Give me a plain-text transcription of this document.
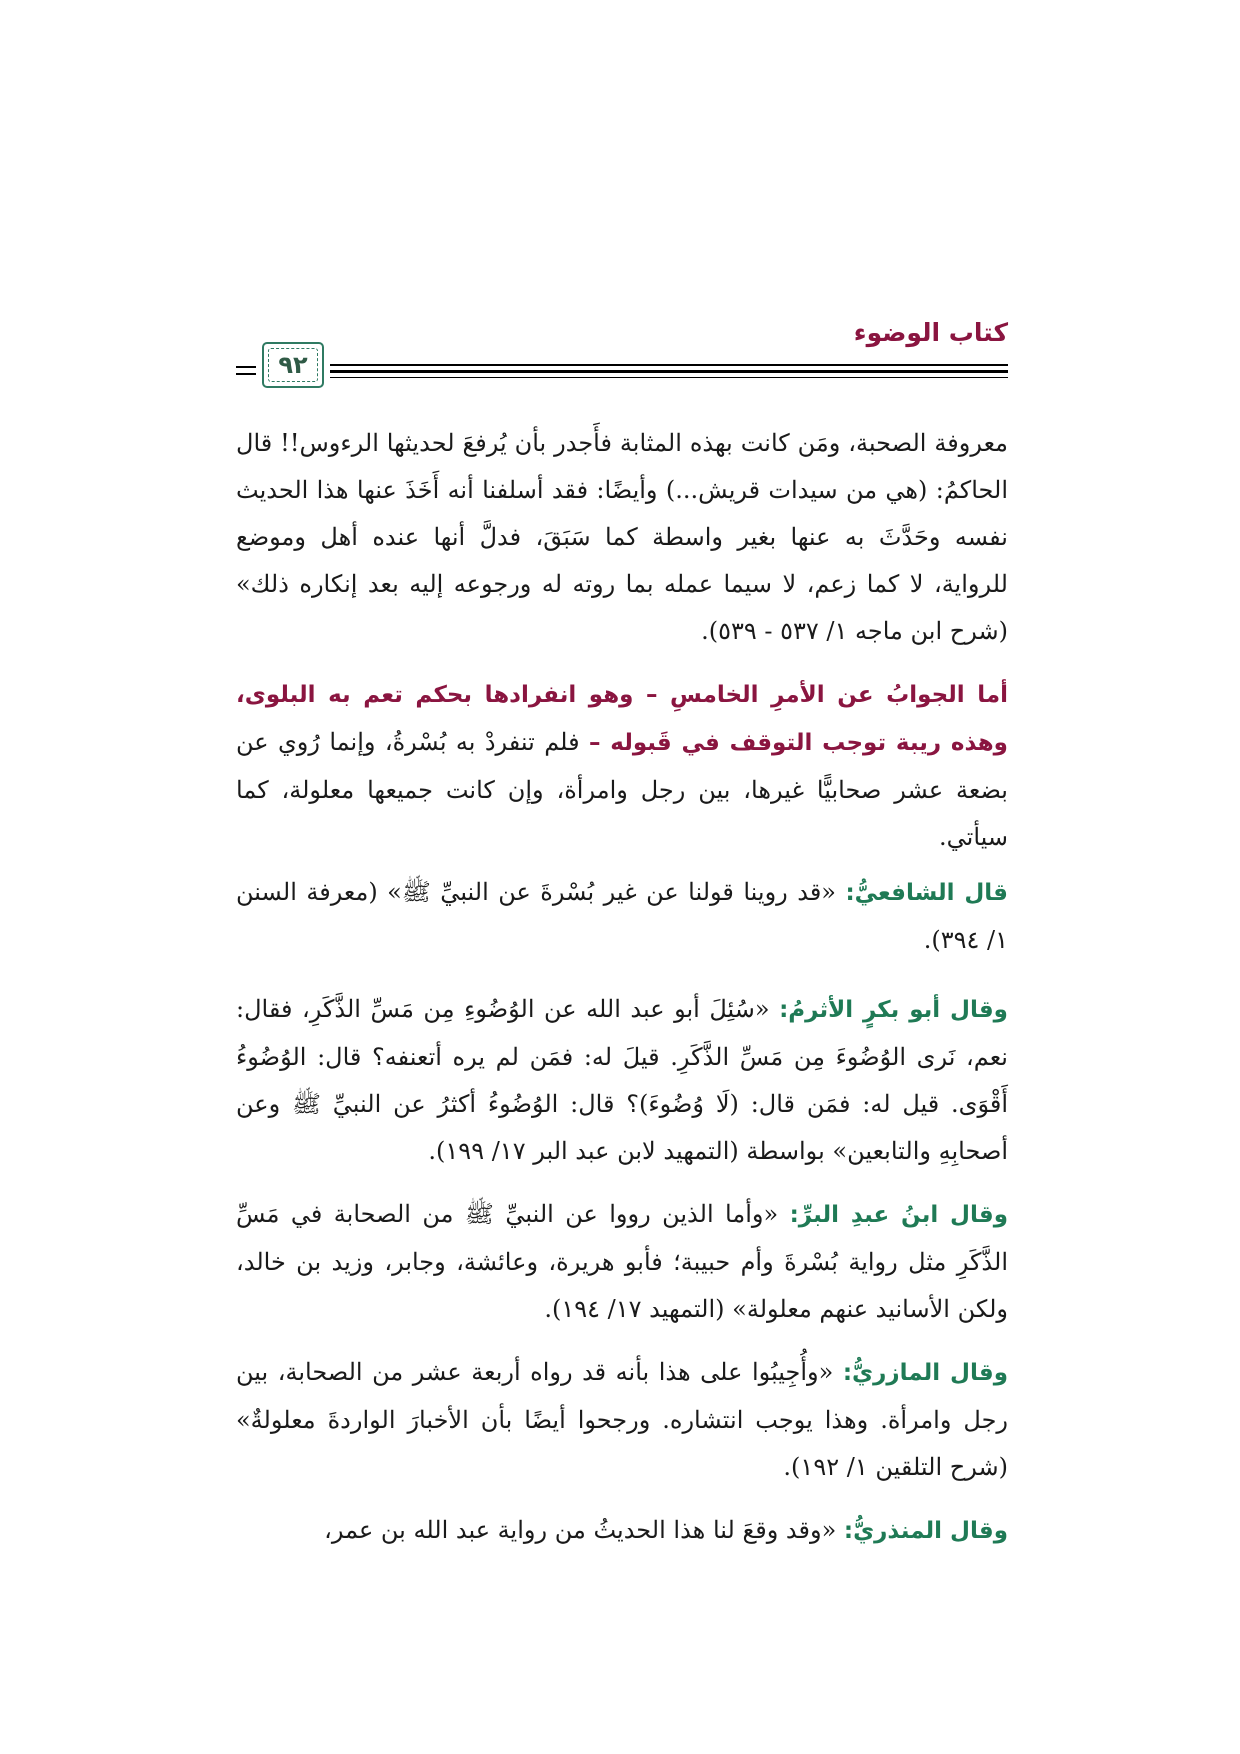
كتاب الوضوء
٩٢

معروفة الصحبة، ومَن كانت بهذه المثابة فأَجدر بأن يُرفعَ لحديثها الرءوس!! قال الحاكمُ: (هي من سيدات قريش...) وأيضًا: فقد أسلفنا أنه أَخَذَ عنها هذا الحديث نفسه وحَدَّثَ به عنها بغير واسطة كما سَبَقَ، فدلَّ أنها عنده أهل وموضع للرواية، لا كما زعم، لا سيما عمله بما روته له ورجوعه إليه بعد إنكاره ذلك» (شرح ابن ماجه ١/ ٥٣٧ - ٥٣٩).

أما الجوابُ عن الأمرِ الخامسِ – وهو انفرادها بحكم تعم به البلوى، وهذه ريبة توجب التوقف في قَبوله – فلم تنفردْ به بُسْرةُ، وإنما رُوي عن بضعة عشر صحابيًّا غيرها، بين رجل وامرأة، وإن كانت جميعها معلولة، كما سيأتي.

قال الشافعيُّ: «قد روينا قولنا عن غير بُسْرةَ عن النبيِّ ﷺ» (معرفة السنن ١/ ٣٩٤).

وقال أبو بكرٍ الأثرمُ: «سُئِلَ أبو عبد الله عن الوُضُوءِ مِن مَسِّ الذَّكَرِ، فقال: نعم، نَرى الوُضُوءَ مِن مَسِّ الذَّكَرِ. قيلَ له: فمَن لم يره أتعنفه؟ قال: الوُضُوءُ أَقْوَى. قيل له: فمَن قال: (لَا وُضُوءَ)؟ قال: الوُضُوءُ أكثرُ عن النبيِّ ﷺ وعن أصحابِهِ والتابعين» بواسطة (التمهيد لابن عبد البر ١٧/ ١٩٩).

وقال ابنُ عبدِ البرِّ: «وأما الذين رووا عن النبيِّ ﷺ من الصحابة في مَسِّ الذَّكَرِ مثل رواية بُسْرةَ وأم حبيبة؛ فأبو هريرة، وعائشة، وجابر، وزيد بن خالد، ولكن الأسانيد عنهم معلولة» (التمهيد ١٧/ ١٩٤).

وقال المازريُّ: «وأُجِيبُوا على هذا بأنه قد رواه أربعة عشر من الصحابة، بين رجل وامرأة. وهذا يوجب انتشاره. ورجحوا أيضًا بأن الأخبارَ الواردةَ معلولةٌ» (شرح التلقين ١/ ١٩٢).

وقال المنذريُّ: «وقد وقعَ لنا هذا الحديثُ من رواية عبد الله بن عمر،
